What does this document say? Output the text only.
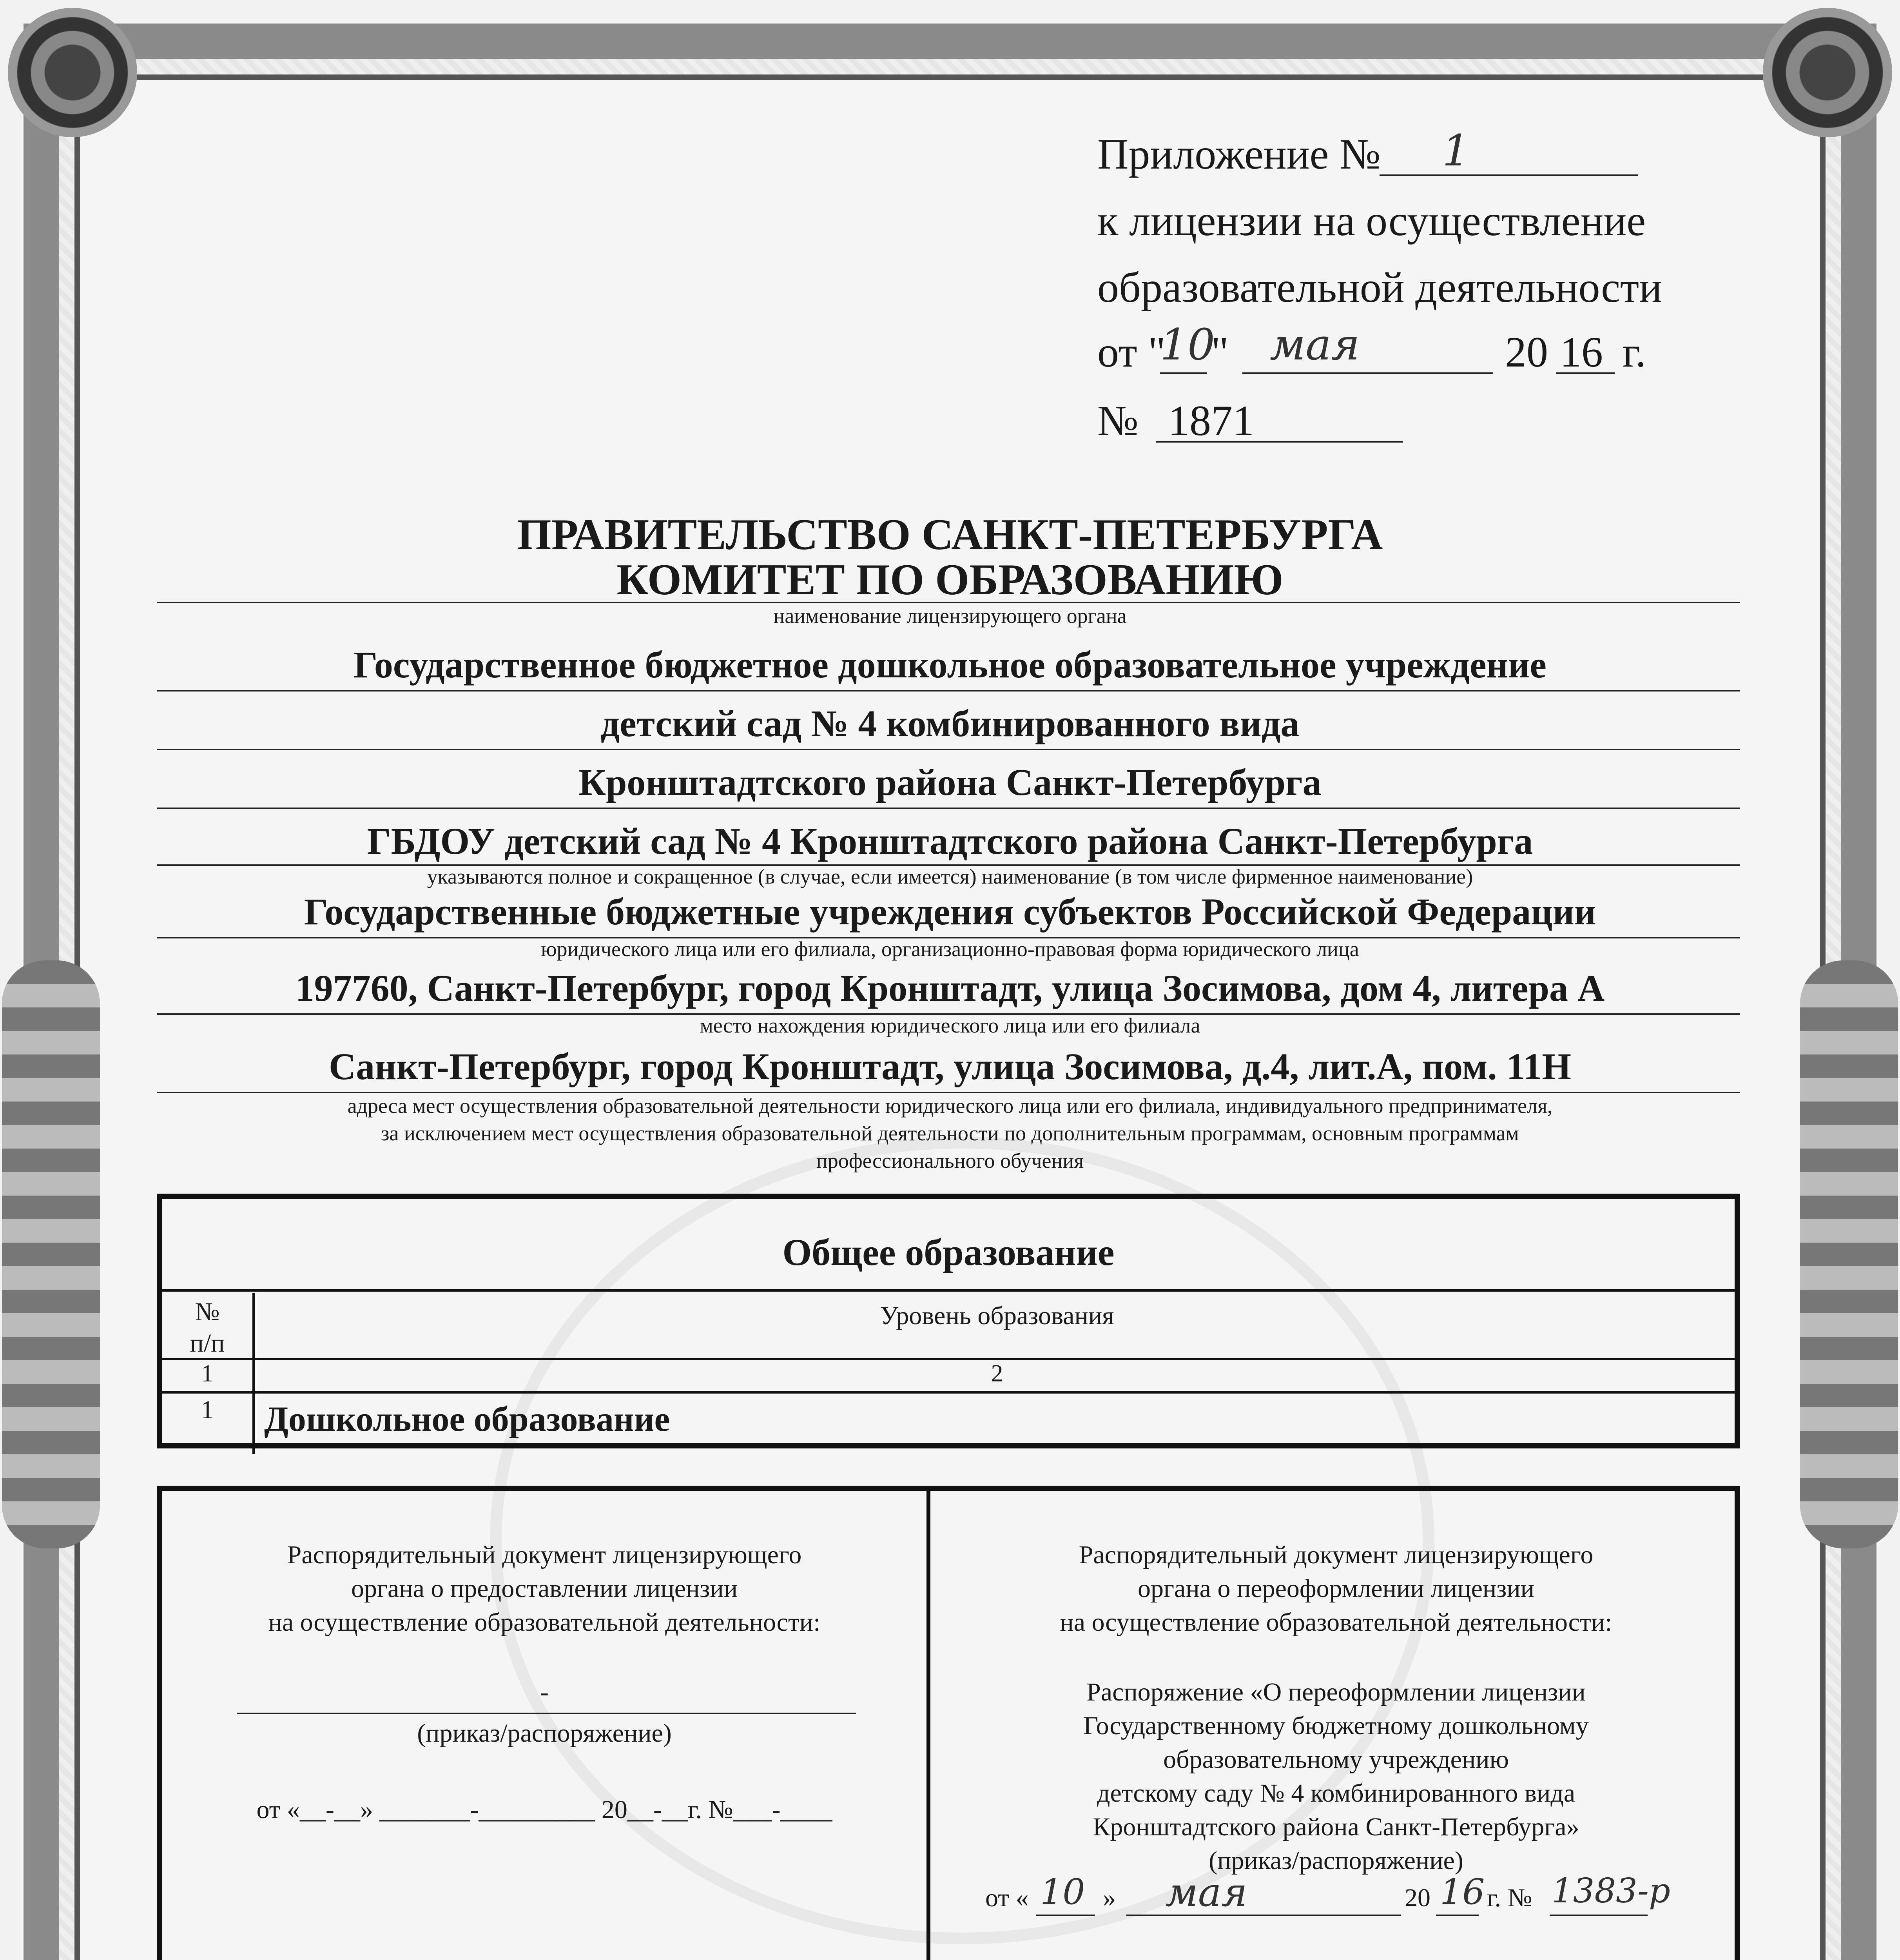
Приложение № 1
к лицензии на осуществление
образовательной деятельности
от "
10
" мая	20 16 г.
№ 1871
ПРАВИТЕЛЬСТВО САНКТ-ПЕТЕРБУРГА
КОМИТЕТ ПО ОБРАЗОВАНИЮ
наименование лицензирующего органа
Государственное бюджетное дошкольное образовательное учреждение
детский сад № 4 комбинированного вида
Кронштадтского района Санкт-Петербурга
ГБДОУ детский сад № 4 Кронштадтского района Санкт-Петербурга
указываются полное и сокращенное (в случае, если имеется) наименование (в том числе фирменное наименование)
Государственные бюджетные учреждения субъектов Российской Федерации
юридического лица или его филиала, организационно-правовая форма юридического лица
197760, Санкт-Петербург, город Кронштадт, улица Зосимова, дом 4, литера А
место нахождения юридического лица или его филиала
Санкт-Петербург, город Кронштадт, улица Зосимова, д.4, лит.А, пом. 11Н
адреса мест осуществления образовательной деятельности юридического лица или его филиала, индивидуального предпринимателя,
за исключением мест осуществления образовательной деятельности по дополнительным программам, основным программам
профессионального обучения
Общее образование
№
п/п
Уровень образования
1	2
1	Дошкольное образование
Распорядительный документ лицензирующего
органа о предоставлении лицензии
на осуществление образовательной деятельности:
-
(приказ/распоряжение)
от «__-__» _______-_________ 20__-__г. №___-____
Распорядительный документ лицензирующего
органа о переоформлении лицензии
на осуществление образовательной деятельности:
Распоряжение «О переоформлении лицензии
Государственному бюджетному дошкольному
образовательному учреждению
детскому саду № 4 комбинированного вида
Кронштадтского района Санкт-Петербурга»
(приказ/распоряжение)
от « 10 » мая	20 16 г. № 1383-р
